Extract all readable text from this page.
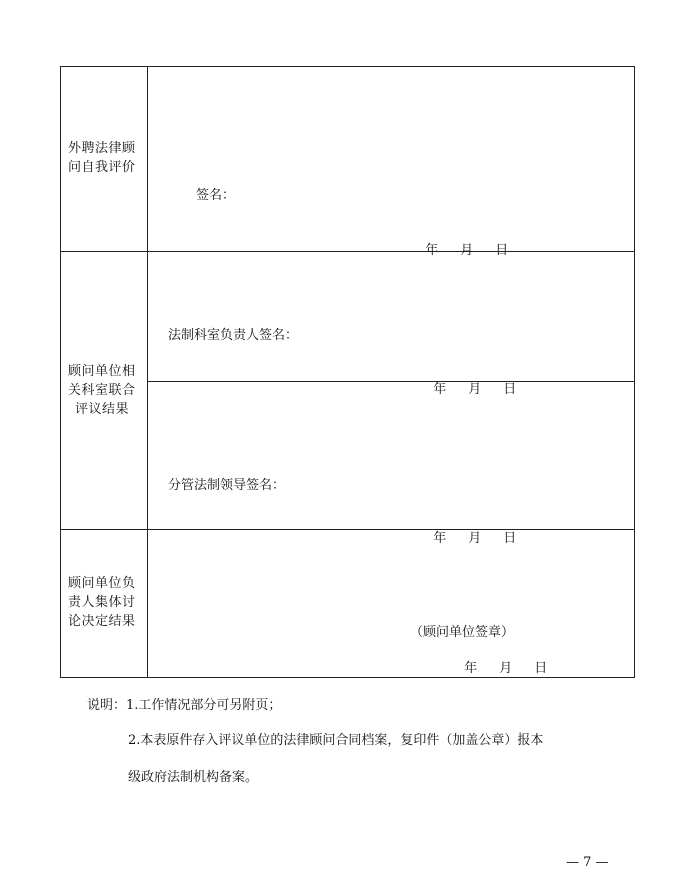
外聘法律顾
问自我评价
签名：

年 月 日

顾问单位相
关科室联合
评议结果
法制科室负责人签名：

年 月 日

分管法制领导签名：

年 月 日

顾问单位负
责人集体讨
论决定结果
（顾问单位签章）

年 月 日

说明：1.工作情况部分可另附页；
2.本表原件存入评议单位的法律顾问合同档案，复印件（加盖公章）报本
级政府法制机构备案。
— 7 —
